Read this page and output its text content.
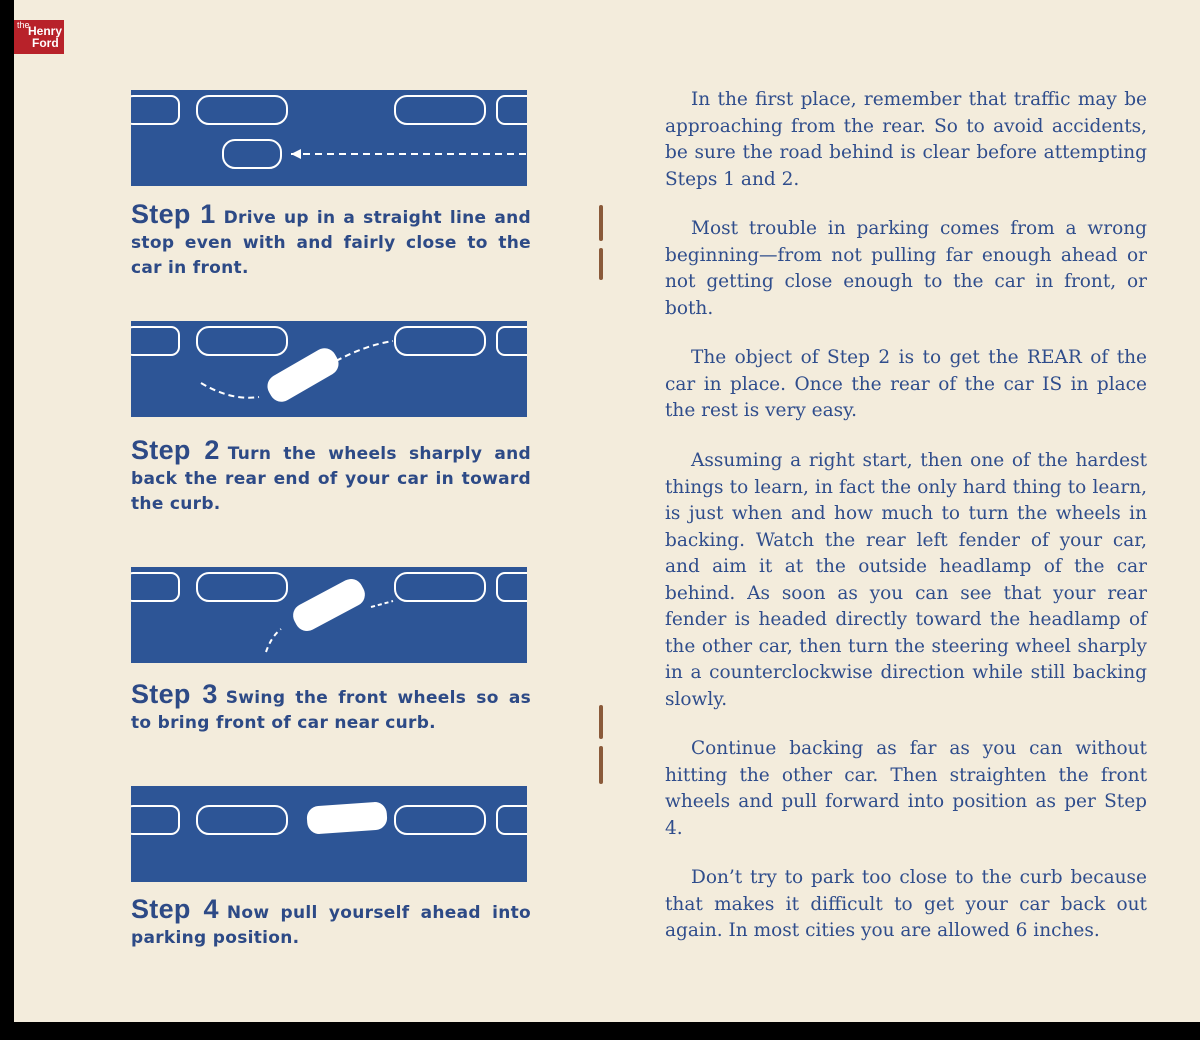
the
Henry
Ford
Step 1 Drive up in a straight line and stop even with and fairly close to the car in front.
Step 2 Turn the wheels sharply and back the rear end of your car in toward the curb.
Step 3 Swing the front wheels so as to bring front of car near curb.
Step 4 Now pull yourself ahead into parking position.

In the first place, remember that traffic may be approaching from the rear. So to avoid accidents, be sure the road behind is clear before attempting Steps 1 and 2.

Most trouble in parking comes from a wrong beginning—from not pulling far enough ahead or not getting close enough to the car in front, or both.

The object of Step 2 is to get the REAR of the car in place. Once the rear of the car IS in place the rest is very easy.

Assuming a right start, then one of the hardest things to learn, in fact the only hard thing to learn, is just when and how much to turn the wheels in backing. Watch the rear left fender of your car, and aim it at the outside headlamp of the car behind. As soon as you can see that your rear fender is headed directly toward the headlamp of the other car, then turn the steering wheel sharply in a counterclockwise direction while still backing slowly.

Continue backing as far as you can without hitting the other car. Then straighten the front wheels and pull forward into position as per Step 4.

Don’t try to park too close to the curb because that makes it difficult to get your car back out again. In most cities you are allowed 6 inches.
